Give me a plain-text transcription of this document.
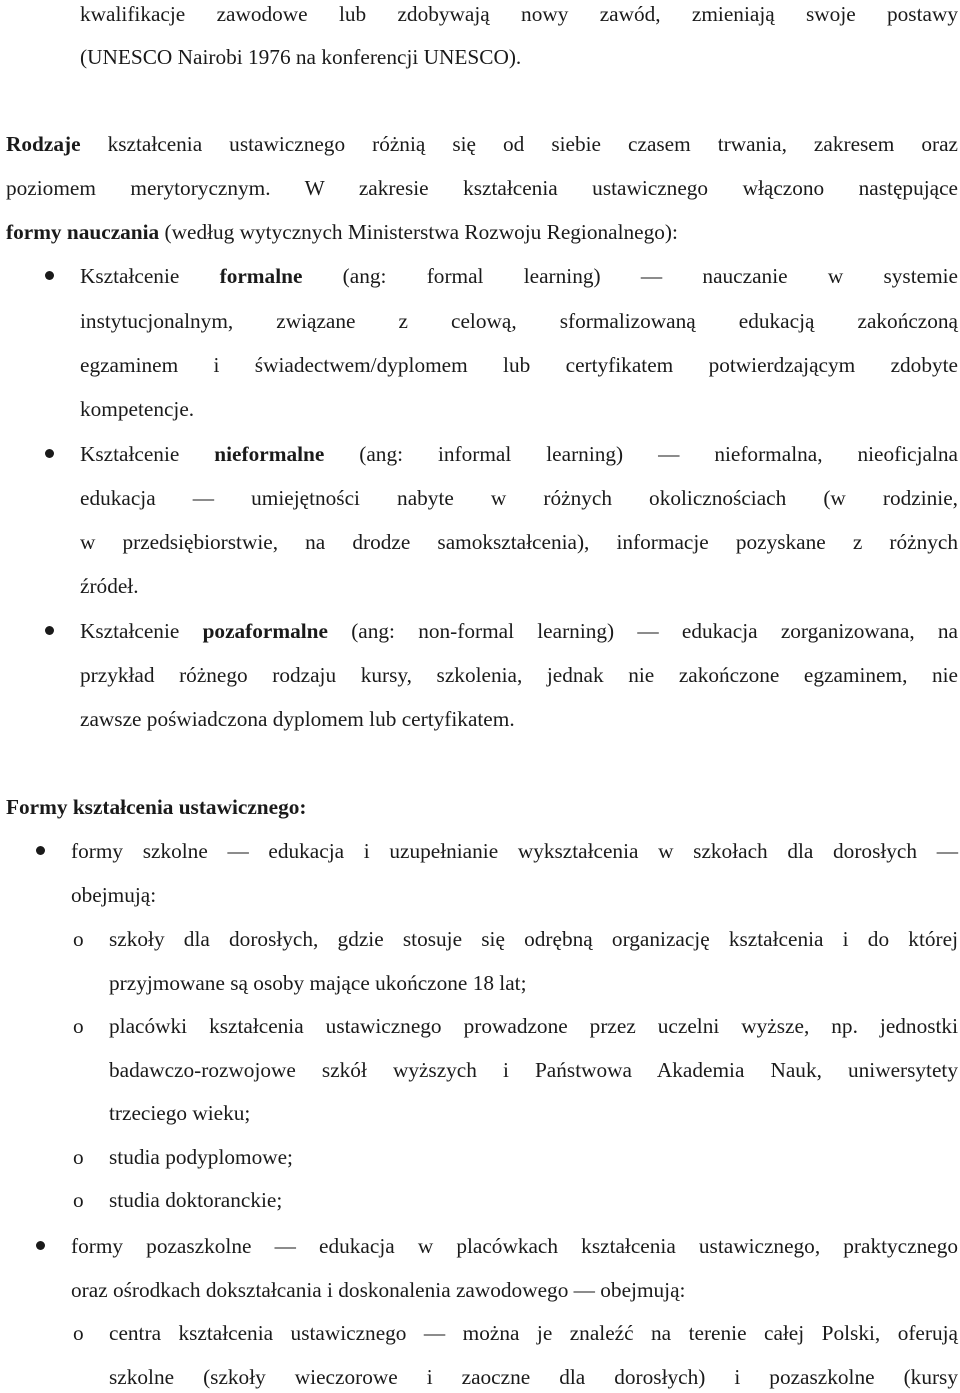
kwalifikacje zawodowe lub zdobywają nowy zawód, zmieniają swoje postawy
(UNESCO Nairobi 1976 na konferencji UNESCO).
Rodzaje kształcenia ustawicznego różnią się od siebie czasem trwania, zakresem oraz
poziomem merytorycznym. W zakresie kształcenia ustawicznego włączono następujące
formy nauczania (według wytycznych Ministerstwa Rozwoju Regionalnego):
Kształcenie formalne (ang: formal learning) — nauczanie w systemie
instytucjonalnym, związane z celową, sformalizowaną edukacją zakończoną
egzaminem i świadectwem/dyplomem lub certyfikatem potwierdzającym zdobyte
kompetencje.
Kształcenie nieformalne (ang: informal learning) — nieformalna, nieoficjalna
edukacja — umiejętności nabyte w różnych okolicznościach (w rodzinie,
w przedsiębiorstwie, na drodze samokształcenia), informacje pozyskane z różnych
źródeł.
Kształcenie pozaformalne (ang: non-formal learning) — edukacja zorganizowana, na
przykład różnego rodzaju kursy, szkolenia, jednak nie zakończone egzaminem, nie
zawsze poświadczona dyplomem lub certyfikatem.
Formy kształcenia ustawicznego:
formy szkolne — edukacja i uzupełnianie wykształcenia w szkołach dla dorosłych —
obejmują:
o szkoły dla dorosłych, gdzie stosuje się odrębną organizację kształcenia i do której
przyjmowane są osoby mające ukończone 18 lat;
o placówki kształcenia ustawicznego prowadzone przez uczelni wyższe, np. jednostki
badawczo-rozwojowe szkół wyższych i Państwowa Akademia Nauk, uniwersytety
trzeciego wieku;
o studia podyplomowe;
o studia doktoranckie;
formy pozaszkolne — edukacja w placówkach kształcenia ustawicznego, praktycznego
oraz ośrodkach dokształcania i doskonalenia zawodowego — obejmują:
o centra kształcenia ustawicznego — można je znaleźć na terenie całej Polski, oferują
szkolne (szkoły wieczorowe i zaoczne dla dorosłych) i pozaszkolne (kursy
